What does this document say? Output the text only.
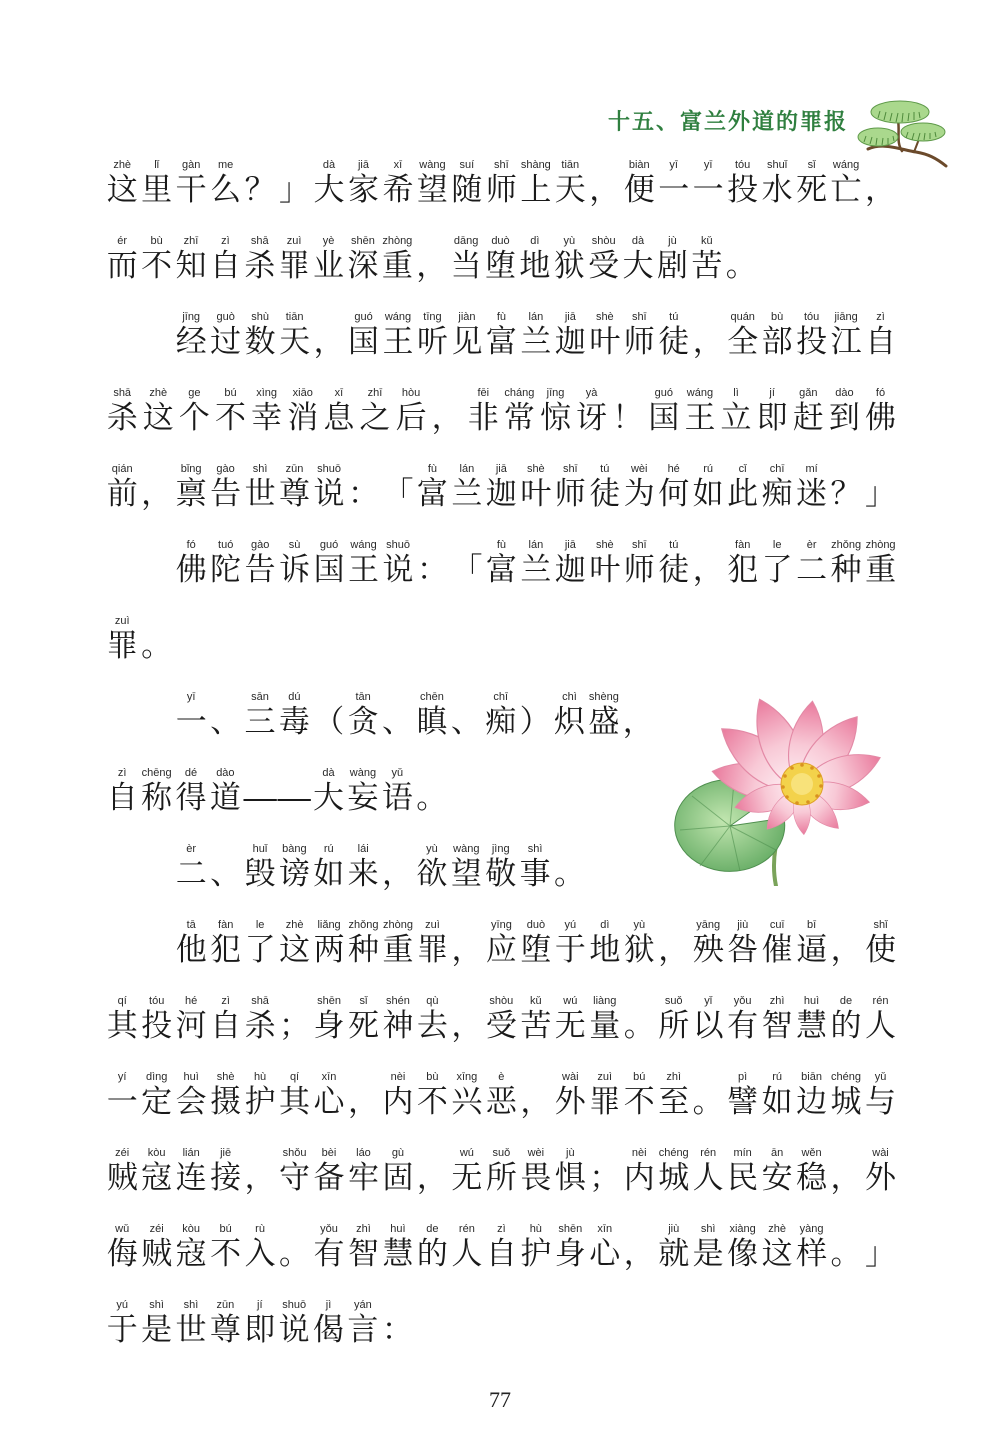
十五、富兰外道的罪报
zhè	lǐ	gàn	me	dà	jiā	xī	wàng	suí	shī	shàng tiān	biàn	yī	yī	tóu	shuǐ	sǐ	wáng
这 里 干 么 ？ 」 大 家 希 望 随 师 上 天 ， 便 一 一 投 水 死 亡 ，
ér	bù	zhī	zì	shā	zuì	yè	shēn zhòng	dāng	duò	dì	yù	shòu	dà	jù	kǔ
而 不 知 自 杀 罪 业 深 重 ， 当 堕 地 狱 受 大 剧 苦 。
jīng	guò	shù	tiān	guó	wáng	tīng	jiàn	fù	lán	jiā	shè	shī	tú	quán	bù	tóu	jiāng	zì
经 过 数 天 ， 国 王 听 见 富 兰 迦 叶 师 徒 ， 全 部 投 江 自
shā	zhè	ge	bú	xìng	xiāo	xī	zhī	hòu	fēi	cháng	jīng	yà	guó	wáng	lì	jí	gǎn	dào	fó
杀 这 个 不 幸 消 息 之 后 ， 非 常 惊 讶 ！ 国 王 立 即 赶 到 佛
qián	bǐng	gào	shì	zūn	shuō	fù	lán	jiā	shè	shī	tú	wèi	hé	rú	cǐ	chī	mí
前 ， 禀 告 世 尊 说 ： 「 富 兰 迦 叶 师 徒 为 何 如 此 痴 迷 ？ 」
fó	tuó	gào	sù	guó	wáng shuō	fù	lán	jiā	shè	shī	tú	fàn	le	èr	zhǒng zhòng
佛 陀 告 诉 国 王 说 ： 「 富 兰 迦 叶 师 徒 ， 犯 了 二 种 重
zuì
罪 。
yī	sān	dú	tān	chēn	chī	chì	shèng
一 、 三 毒 （ 贪 、 瞋 、 痴 ） 炽 盛 ，
zì	chēng	dé	dào	dà	wàng	yǔ
自 称 得 道 —
— 大 妄 语 。
èr	huǐ	bàng	rú	lái	yù	wàng	jìng	shì
二 、 毁 谤 如 来 ， 欲 望 敬 事 。
tā	fàn	le	zhè	liǎng zhǒng zhòng	zuì	yīng	duò	yú	dì	yù	yāng	jiù	cuī	bī	shǐ
他 犯 了 这 两 种 重 罪 ， 应 堕 于 地 狱 ， 殃 咎 催 逼 ， 使
qí	tóu	hé	zì	shā	shēn	sǐ	shén	qù	shòu	kǔ	wú	liàng	suǒ	yǐ	yǒu	zhì	huì	de	rén
其 投 河 自 杀 ； 身 死 神 去 ， 受 苦 无 量 。 所 以 有 智 慧 的 人
yí	dìng	huì	shè	hù	qí	xīn	nèi	bù	xīng	è	wài	zuì	bú	zhì	pì	rú	biān chéng	yǔ
一 定 会 摄 护 其 心 ， 内 不 兴 恶 ， 外 罪 不 至 。 譬 如 边 城 与
zéi	kòu	lián	jiē	shǒu	bèi	láo	gù	wú	suǒ	wèi	jù	nèi	chéng	rén	mín	ān	wěn	wài
贼 寇 连 接 ， 守 备 牢 固 ， 无 所 畏 惧 ； 内 城 人 民 安 稳 ， 外
wǔ	zéi	kòu	bú	rù	yǒu	zhì	huì	de	rén	zì	hù	shēn	xīn	jiù	shì	xiàng	zhè	yàng
侮 贼 寇 不 入 。 有 智 慧 的 人 自 护 身 心 ， 就 是 像 这 样 。 」
yú	shì	shì	zūn	jí	shuō	jì	yán
于 是 世 尊 即 说 偈 言 ：
77
